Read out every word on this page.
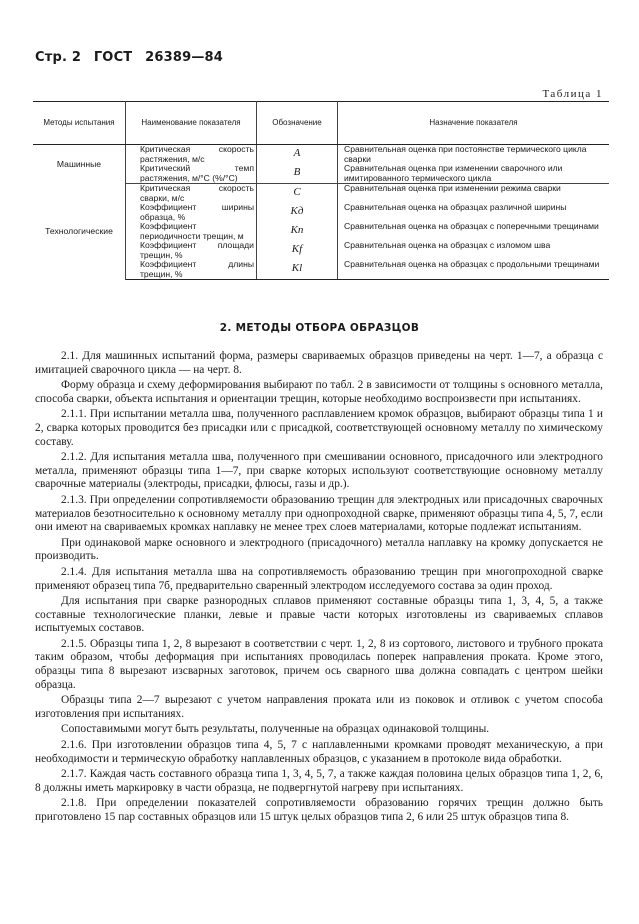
Стр. 2 ГОСТ 26389—84
Таблица 1
Методы испытания	Наименование показателя	Обозначение	Назначение показателя
Машинные	Критическая скорость растяжения, м/с	A	Сравнительная оценка при постоянстве термического цикла сварки
	Критический темп растяжения, м/°С (%/°С)	B	Сравнительная оценка при изменении сварочного или имитированного термического цикла
Технологические	Критическая скорость сварки, м/с	C	Сравнительная оценка при изменении режима сварки
	Коэффициент ширины образца, %	Kд	Сравнительная оценка на образцах различной ширины
	Коэффициент периодичности трещин, м	Kп	Сравнительная оценка на образцах с поперечными трещинами
	Коэффициент площади трещин, %	Kf	Сравнительная оценка на образцах с изломом шва
	Коэффициент длины трещин, %	Kl	Сравнительная оценка на образцах с продольными трещинами
2. МЕТОДЫ ОТБОРА ОБРАЗЦОВ

2.1. Для машинных испытаний форма, размеры свариваемых образцов приведены на черт. 1—7, а образца с имитацией сварочного цикла — на черт. 8.

Форму образца и схему деформирования выбирают по табл. 2 в зависимости от толщины s основного металла, способа сварки, объекта испытания и ориентации трещин, которые необходимо воспроизвести при испытаниях.

2.1.1. При испытании металла шва, полученного расплавлением кромок образцов, выбирают образцы типа 1 и 2, сварка которых проводится без присадки или с присадкой, соответствующей основному металлу по химическому составу.

2.1.2. Для испытания металла шва, полученного при смешивании основного, присадочного или электродного металла, применяют образцы типа 1—7, при сварке которых используют соответствующие основному металлу сварочные материалы (электроды, присадки, флюсы, газы и др.).

2.1.3. При определении сопротивляемости образованию трещин для электродных или присадочных сварочных материалов безотносительно к основному металлу при однопроходной сварке, применяют образцы типа 4, 5, 7, если они имеют на свариваемых кромках наплавку не менее трех слоев материалами, которые подлежат испытаниям.

При одинаковой марке основного и электродного (присадочного) металла наплавку на кромку допускается не производить.

2.1.4. Для испытания металла шва на сопротивляемость образованию трещин при многопроходной сварке применяют образец типа 7б, предварительно сваренный электродом исследуемого состава за один проход.

Для испытания при сварке разнородных сплавов применяют составные образцы типа 1, 3, 4, 5, а также составные технологические планки, левые и правые части которых изготовлены из свариваемых сплавов испытуемых составов.

2.1.5. Образцы типа 1, 2, 8 вырезают в соответствии с черт. 1, 2, 8 из сортового, листового и трубного проката таким образом, чтобы деформация при испытаниях проводилась поперек направления проката. Кроме этого, образцы типа 8 вырезают изсварных заготовок, причем ось сварного шва должна совпадать с центром шейки образца.

Образцы типа 2—7 вырезают с учетом направления проката или из поковок и отливок с учетом способа изготовления при испытаниях.

Сопоставимыми могут быть результаты, полученные на образцах одинаковой толщины.

2.1.6. При изготовлении образцов типа 4, 5, 7 с наплавленными кромками проводят механическую, а при необходимости и термическую обработку наплавленных образцов, с указанием в протоколе вида обработки.

2.1.7. Каждая часть составного образца типа 1, 3, 4, 5, 7, а также каждая половина целых образцов типа 1, 2, 6, 8 должны иметь маркировку в части образца, не подвергнутой нагреву при испытаниях.

2.1.8. При определении показателей сопротивляемости образованию горячих трещин должно быть приготовлено 15 пар составных образцов или 15 штук целых образцов типа 2, 6 или 25 штук образцов типа 8.
